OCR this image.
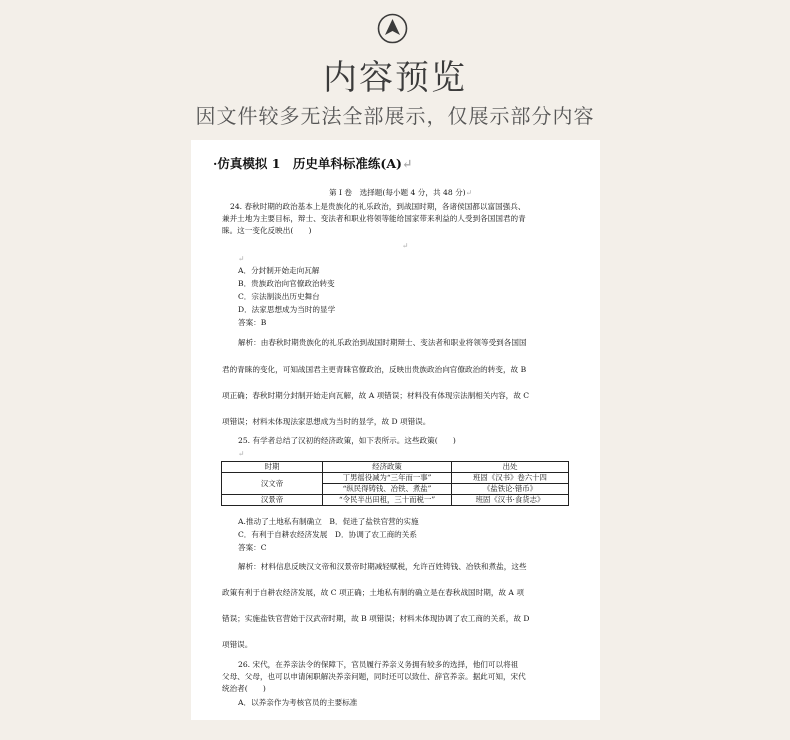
内容预览
因文件较多无法全部展示，仅展示部分内容
·仿真模拟 1　历史单科标准练(A)↵
第 I 卷　选择题(每小题 4 分，共 48 分)↵
24. 春秋时期的政治基本上是贵族化的礼乐政治，到战国时期，各诸侯国都以富国强兵、
兼并土地为主要目标，辩士、变法者和职业将领等能给国家带来利益的人受到各国国君的青
睐。这一变化反映出(　　)
↵
↵
A．分封制开始走向瓦解
B．贵族政治向官僚政治转变
C．宗法制淡出历史舞台
D．法家思想成为当时的显学
答案：B
解析：由春秋时期贵族化的礼乐政治到战国时期辩士、变法者和职业将领等受到各国国
君的青睐的变化，可知战国君主更青睐官僚政治，反映出贵族政治向官僚政治的转变，故 B
项正确；春秋时期分封制开始走向瓦解，故 A 项错误；材料没有体现宗法制相关内容，故 C
项错误；材料未体现法家思想成为当时的显学，故 D 项错误。
25. 有学者总结了汉初的经济政策，如下表所示。这些政策(　　)
↵
时期	经济政策	出处
汉文帝	丁男徭役减为“三年而一事”	班固《汉书》卷六十四
	“纵民得铸钱、冶铁、煮盐”	《盐铁论·错币》
汉景帝	“令民半出田租，三十而税一”	班固《汉书·食货志》
A.推动了土地私有制确立　B．促进了盐铁官营的实施
C．有利于自耕农经济发展　D．协调了农工商的关系
答案：C
解析：材料信息反映汉文帝和汉景帝时期减轻赋税，允许百姓铸钱、冶铁和煮盐，这些
政策有利于自耕农经济发展，故 C 项正确；土地私有制的确立是在春秋战国时期，故 A 项
错误；实施盐铁官营始于汉武帝时期，故 B 项错误；材料未体现协调了农工商的关系，故 D
项错误。
26. 宋代，在养亲法令的保障下，官员履行养亲义务拥有较多的选择，他们可以将祖
父母、父母，也可以申请闲职解决养亲问题，同时还可以致仕、辞官养亲。据此可知，宋代
统治者(　　)
A．以养亲作为考核官员的主要标准
